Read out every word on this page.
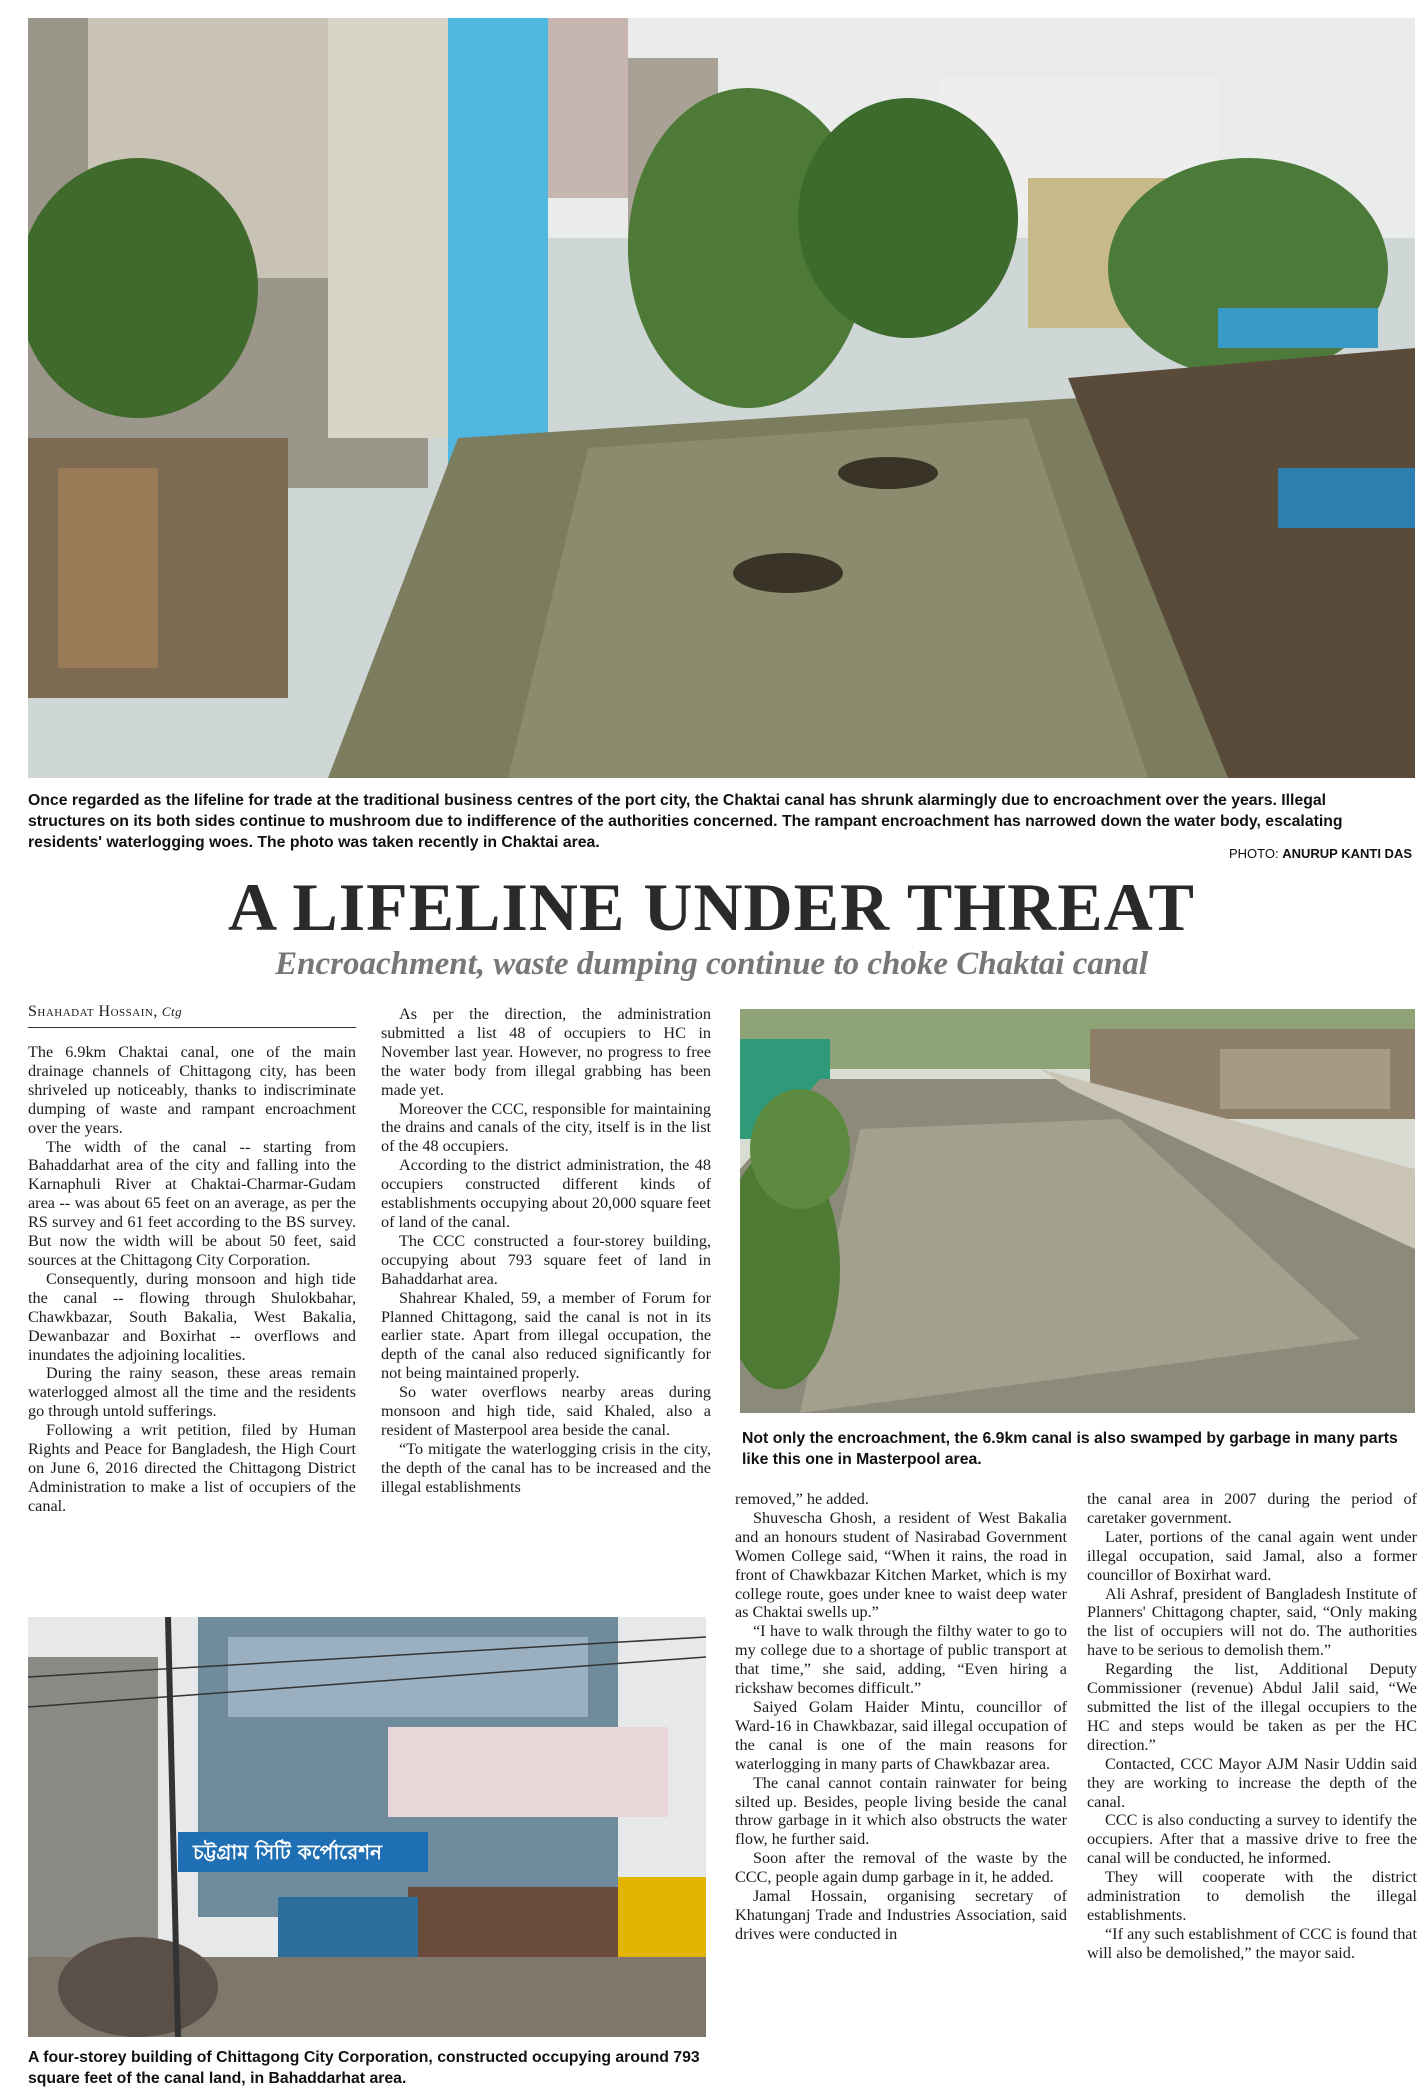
Once regarded as the lifeline for trade at the traditional business centres of the port city, the Chaktai canal has shrunk alarmingly due to encroachment over the years. Illegal structures on its both sides continue to mushroom due to indifference of the authorities concerned. The rampant encroachment has narrowed down the water body, escalating residents' waterlogging woes. The photo was taken recently in Chaktai area.
PHOTO: ANURUP KANTI DAS
A LIFELINE UNDER THREAT
Encroachment, waste dumping continue to choke Chaktai canal
Shahadat Hossain, Ctg

The 6.9km Chaktai canal, one of the main drainage channels of Chittagong city, has been shriveled up noticeably, thanks to indiscriminate dumping of waste and rampant encroachment over the years.

The width of the canal -- starting from Bahaddarhat area of the city and falling into the Karnaphuli River at Chaktai-Charmar-Gudam area -- was about 65 feet on an average, as per the RS survey and 61 feet according to the BS survey. But now the width will be about 50 feet, said sources at the Chittagong City Corporation.

Consequently, during monsoon and high tide the canal -- flowing through Shulokbahar, Chawkbazar, South Bakalia, West Bakalia, Dewanbazar and Boxirhat -- overflows and inundates the adjoining localities.

During the rainy season, these areas remain waterlogged almost all the time and the residents go through untold sufferings.

Following a writ petition, filed by Human Rights and Peace for Bangladesh, the High Court on June 6, 2016 directed the Chittagong District Administration to make a list of occupiers of the canal.

As per the direction, the administration submitted a list 48 of occupiers to HC in November last year. However, no progress to free the water body from illegal grabbing has been made yet.

Moreover the CCC, responsible for maintaining the drains and canals of the city, itself is in the list of the 48 occupiers.

According to the district administration, the 48 occupiers constructed different kinds of establishments occupying about 20,000 square feet of land of the canal.

The CCC constructed a four-storey building, occupying about 793 square feet of land in Bahaddarhat area.

Shahrear Khaled, 59, a member of Forum for Planned Chittagong, said the canal is not in its earlier state. Apart from illegal occupation, the depth of the canal also reduced significantly for not being maintained properly.

So water overflows nearby areas during monsoon and high tide, said Khaled, also a resident of Masterpool area beside the canal.

“To mitigate the waterlogging crisis in the city, the depth of the canal has to be increased and the illegal establishments

Not only the encroachment, the 6.9km canal is also swamped by garbage in many parts like this one in Masterpool area.
চট্টগ্রাম সিটি কর্পোরেশন
A four-storey building of Chittagong City Corporation, constructed occupying around 793 square feet of the canal land, in Bahaddarhat area.

removed,” he added.

Shuvescha Ghosh, a resident of West Bakalia and an honours student of Nasirabad Government Women College said, “When it rains, the road in front of Chawkbazar Kitchen Market, which is my college route, goes under knee to waist deep water as Chaktai swells up.”

“I have to walk through the filthy water to go to my college due to a shortage of public transport at that time,” she said, adding, “Even hiring a rickshaw becomes difficult.”

Saiyed Golam Haider Mintu, councillor of Ward-16 in Chawkbazar, said illegal occupation of the canal is one of the main reasons for waterlogging in many parts of Chawkbazar area.

The canal cannot contain rainwater for being silted up. Besides, people living beside the canal throw garbage in it which also obstructs the water flow, he further said.

Soon after the removal of the waste by the CCC, people again dump garbage in it, he added.

Jamal Hossain, organising secretary of Khatunganj Trade and Industries Association, said drives were conducted in

the canal area in 2007 during the period of caretaker government.

Later, portions of the canal again went under illegal occupation, said Jamal, also a former councillor of Boxirhat ward.

Ali Ashraf, president of Bangladesh Institute of Planners' Chittagong chapter, said, “Only making the list of occupiers will not do. The authorities have to be serious to demolish them.”

Regarding the list, Additional Deputy Commissioner (revenue) Abdul Jalil said, “We submitted the list of the illegal occupiers to the HC and steps would be taken as per the HC direction.”

Contacted, CCC Mayor AJM Nasir Uddin said they are working to increase the depth of the canal.

CCC is also conducting a survey to identify the occupiers. After that a massive drive to free the canal will be conducted, he informed.

They will cooperate with the district administration to demolish the illegal establishments.

“If any such establishment of CCC is found that will also be demolished,” the mayor said.
